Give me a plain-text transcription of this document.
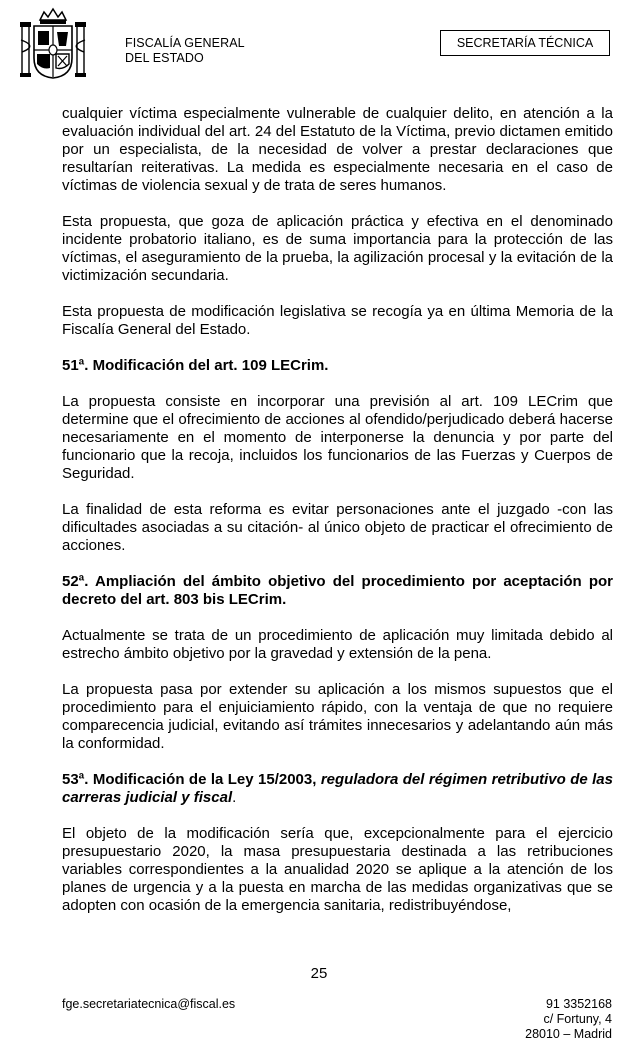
FISCALÍA GENERAL
DEL ESTADO
SECRETARÍA TÉCNICA

cualquier víctima especialmente vulnerable de cualquier delito, en atención a la evaluación individual del art. 24 del Estatuto de la Víctima, previo dictamen emitido por un especialista, de la necesidad de volver a prestar declaraciones que resultarían reiterativas. La medida es especialmente necesaria en el caso de víctimas de violencia sexual y de trata de seres humanos.

Esta propuesta, que goza de aplicación práctica y efectiva en el denominado incidente probatorio italiano, es de suma importancia para la protección de las víctimas, el aseguramiento de la prueba, la agilización procesal y la evitación de la victimización secundaria.

Esta propuesta de modificación legislativa se recogía ya en última Memoria de la Fiscalía General del Estado.

51ª. Modificación del art. 109 LECrim.

La propuesta consiste en incorporar una previsión al art. 109 LECrim que determine que el ofrecimiento de acciones al ofendido/perjudicado deberá hacerse necesariamente en el momento de interponerse la denuncia y por parte del funcionario que la recoja, incluidos los funcionarios de las Fuerzas y Cuerpos de Seguridad.

La finalidad de esta reforma es evitar personaciones ante el juzgado -con las dificultades asociadas a su citación- al único objeto de practicar el ofrecimiento de acciones.

52ª. Ampliación del ámbito objetivo del procedimiento por aceptación por decreto del art. 803 bis LECrim.

Actualmente se trata de un procedimiento de aplicación muy limitada debido al estrecho ámbito objetivo por la gravedad y extensión de la pena.

La propuesta pasa por extender su aplicación a los mismos supuestos que el procedimiento para el enjuiciamiento rápido, con la ventaja de que no requiere comparecencia judicial, evitando así trámites innecesarios y adelantando aún más la conformidad.

53ª. Modificación de la Ley 15/2003, reguladora del régimen retributivo de las carreras judicial y fiscal.

El objeto de la modificación sería que, excepcionalmente para el ejercicio presupuestario 2020, la masa presupuestaria destinada a las retribuciones variables correspondientes a la anualidad 2020 se aplique a la atención de los planes de urgencia y a la puesta en marcha de las medidas organizativas que se adopten con ocasión de la emergencia sanitaria, redistribuyéndose,

25
fge.secretariatecnica@fiscal.es	91 3352168
c/ Fortuny, 4
28010 – Madrid
